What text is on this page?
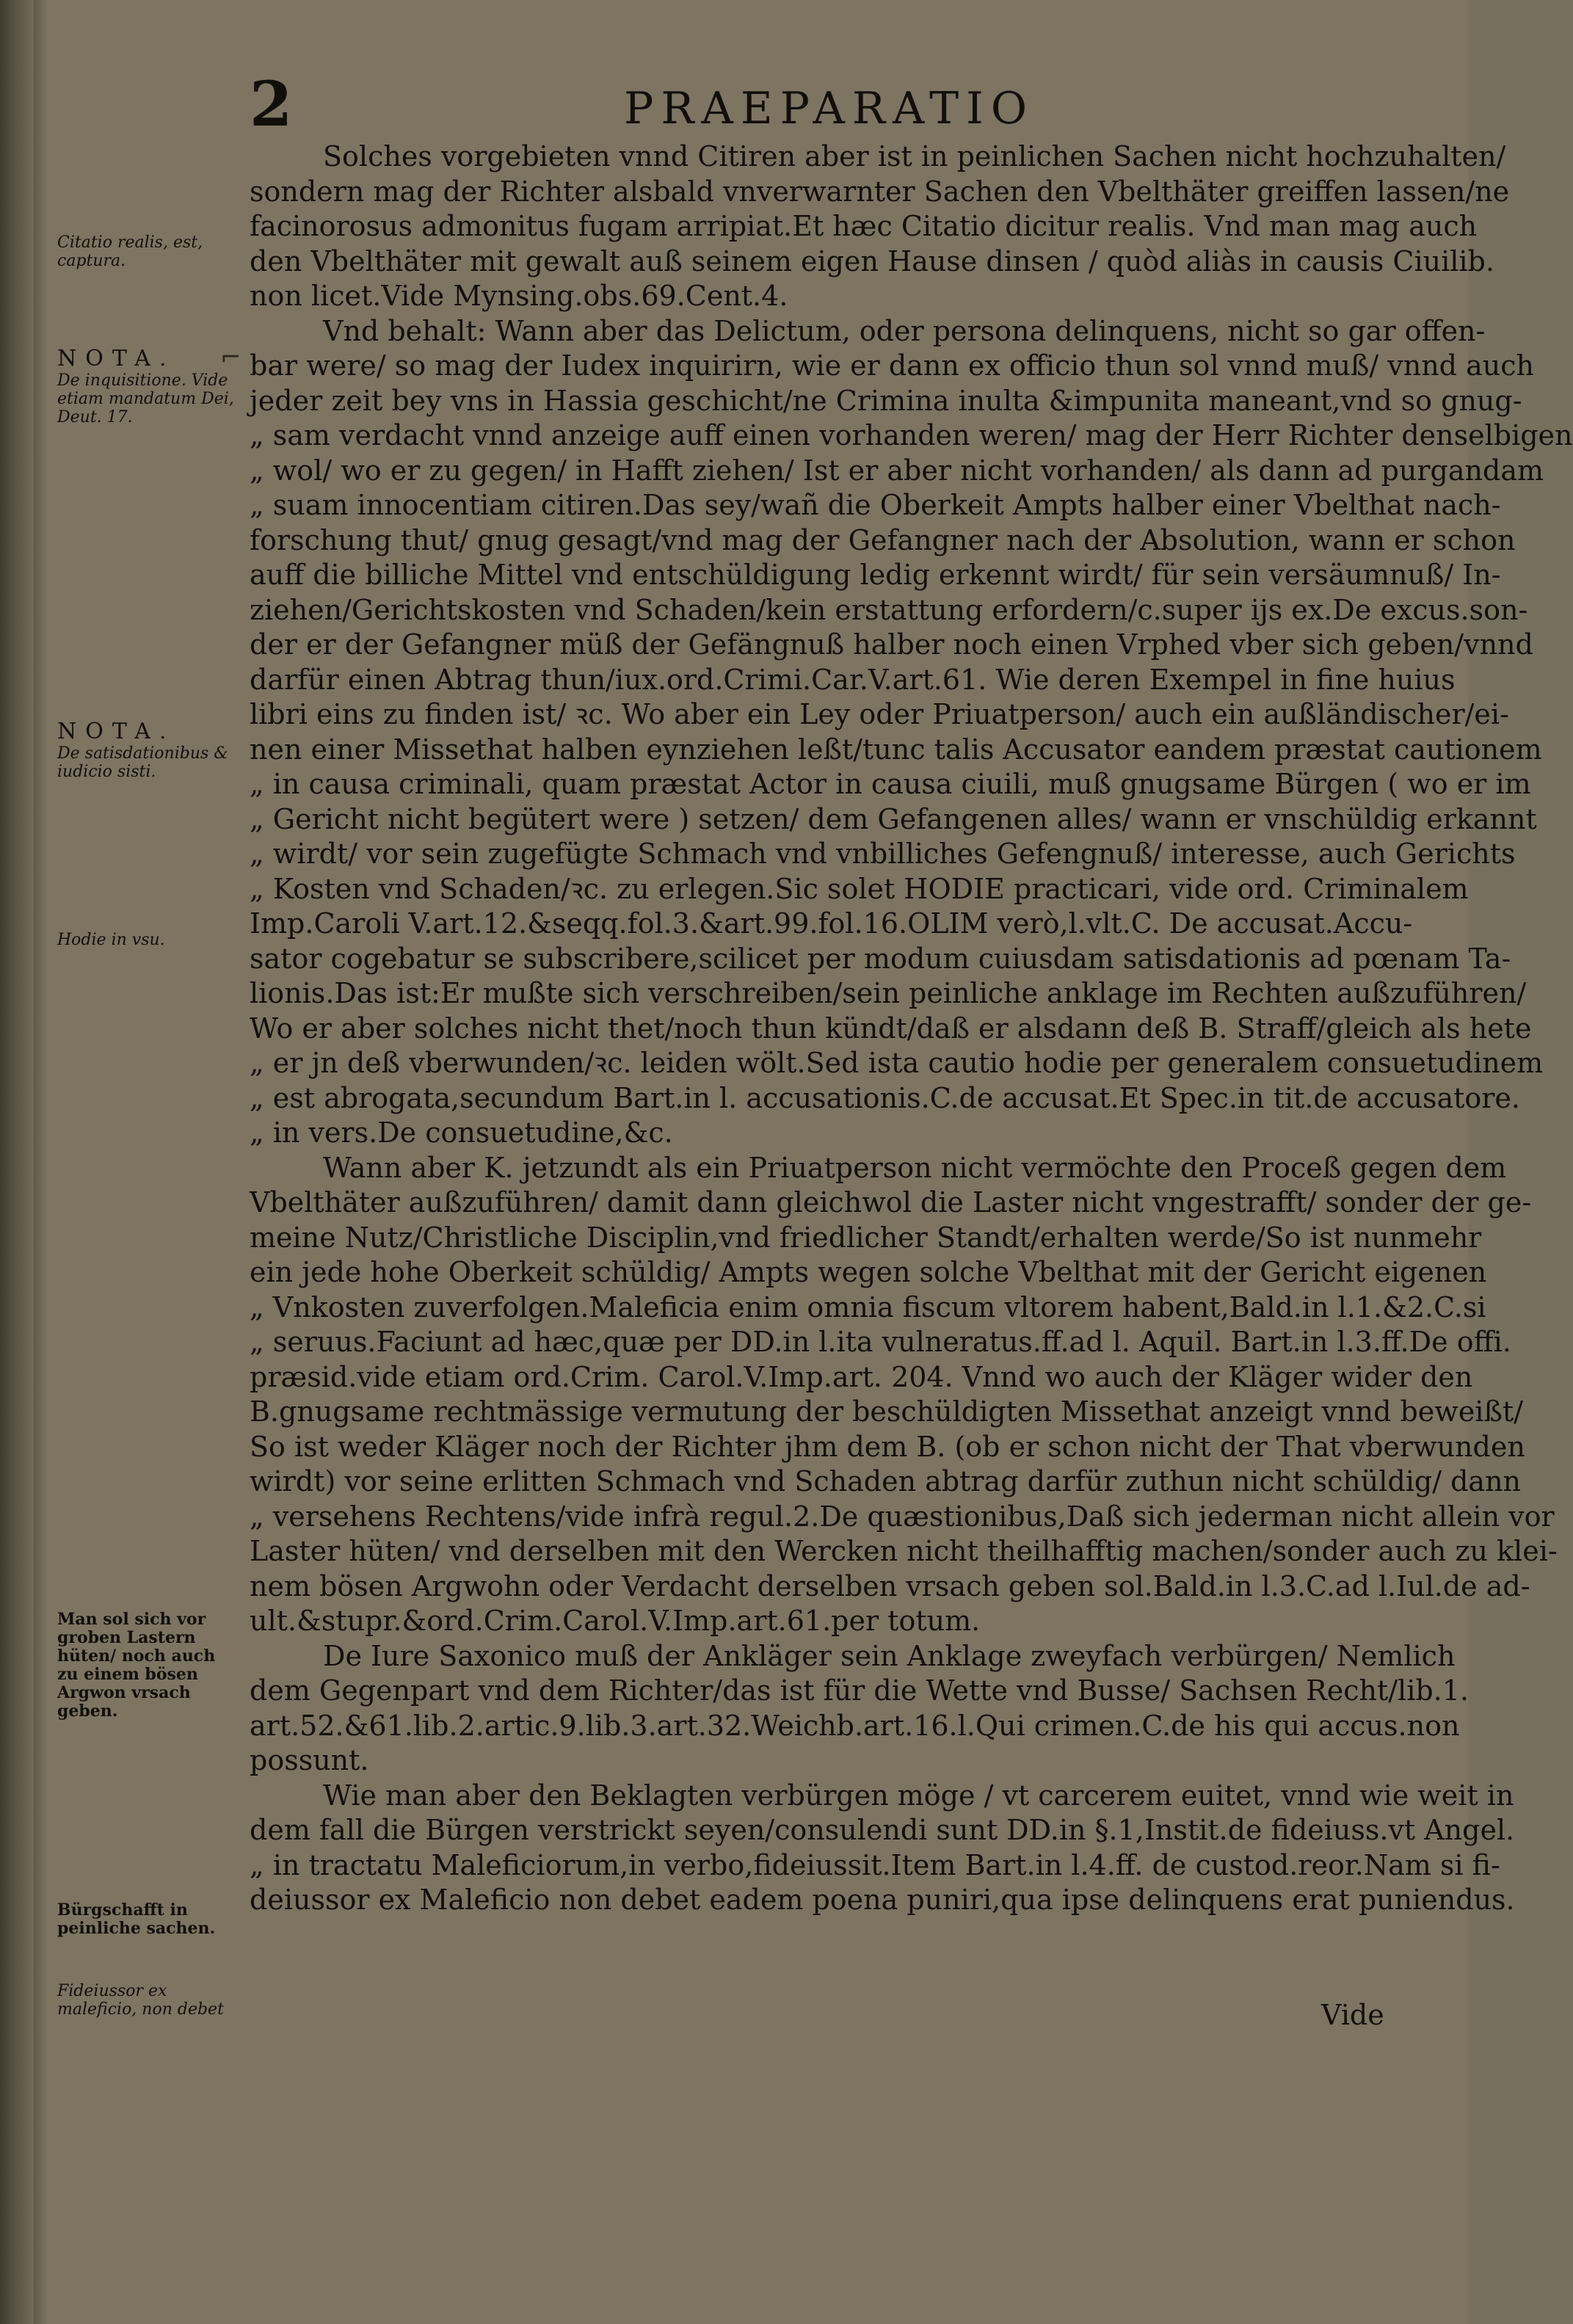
2	PRAEPARATIO
Solches vorgebieten vnnd Citiren aber ist in peinlichen Sachen nicht hochzuhalten/
sondern mag der Richter alsbald vnverwarnter Sachen den Vbelthäter greiffen lassen/ne
facinorosus admonitus fugam arripiat.Et hæc Citatio dicitur realis. Vnd man mag auch
den Vbelthäter mit gewalt auß seinem eigen Hause dinsen / quòd aliàs in causis Ciuilib.
non licet.Vide Mynsing.obs.69.Cent.4.
Vnd behalt: Wann aber das Delictum, oder persona delinquens, nicht so gar offen-
bar were/ so mag der Iudex inquirirn, wie er dann ex officio thun sol vnnd muß/ vnnd auch
jeder zeit bey vns in Hassia geschicht/ne Crimina inulta &impunita maneant,vnd so gnug-
„ sam verdacht vnnd anzeige auff einen vorhanden weren/ mag der Herr Richter denselbigen
„ wol/ wo er zu gegen/ in Hafft ziehen/ Ist er aber nicht vorhanden/ als dann ad purgandam
„ suam innocentiam citiren.Das sey/wañ die Oberkeit Ampts halber einer Vbelthat nach-
forschung thut/ gnug gesagt/vnd mag der Gefangner nach der Absolution, wann er schon
auff die billiche Mittel vnd entschüldigung ledig erkennt wirdt/ für sein versäumnuß/ In-
ziehen/Gerichtskosten vnd Schaden/kein erstattung erfordern/c.super ijs ex.De excus.son-
der er der Gefangner müß der Gefängnuß halber noch einen Vrphed vber sich geben/vnnd
darfür einen Abtrag thun/iux.ord.Crimi.Car.V.art.61. Wie deren Exempel in fine huius
libri eins zu finden ist/ ꝛc. Wo aber ein Ley oder Priuatperson/ auch ein außländischer/ei-
nen einer Missethat halben eynziehen leßt/tunc talis Accusator eandem præstat cautionem
„ in causa criminali, quam præstat Actor in causa ciuili, muß gnugsame Bürgen ( wo er im
„ Gericht nicht begütert were ) setzen/ dem Gefangenen alles/ wann er vnschüldig erkannt
„ wirdt/ vor sein zugefügte Schmach vnd vnbilliches Gefengnuß/ interesse, auch Gerichts
„ Kosten vnd Schaden/ꝛc. zu erlegen.Sic solet HODIE practicari, vide ord. Criminalem
Imp.Caroli V.art.12.&seqq.fol.3.&art.99.fol.16.OLIM verò,l.vlt.C. De accusat.Accu-
sator cogebatur se subscribere,scilicet per modum cuiusdam satisdationis ad pœnam Ta-
lionis.Das ist:Er mußte sich verschreiben/sein peinliche anklage im Rechten außzuführen/
Wo er aber solches nicht thet/noch thun kündt/daß er alsdann deß B. Straff/gleich als hete
„ er jn deß vberwunden/ꝛc. leiden wölt.Sed ista cautio hodie per generalem consuetudinem
„ est abrogata,secundum Bart.in l. accusationis.C.de accusat.Et Spec.in tit.de accusatore.
„ in vers.De consuetudine,&c.
Wann aber K. jetzundt als ein Priuatperson nicht vermöchte den Proceß gegen dem
Vbelthäter außzuführen/ damit dann gleichwol die Laster nicht vngestrafft/ sonder der ge-
meine Nutz/Christliche Disciplin,vnd friedlicher Standt/erhalten werde/So ist nunmehr
ein jede hohe Oberkeit schüldig/ Ampts wegen solche Vbelthat mit der Gericht eigenen
„ Vnkosten zuverfolgen.Maleficia enim omnia fiscum vltorem habent,Bald.in l.1.&2.C.si
„ seruus.Faciunt ad hæc,quæ per DD.in l.ita vulneratus.ff.ad l. Aquil. Bart.in l.3.ff.De offi.
præsid.vide etiam ord.Crim. Carol.V.Imp.art. 204. Vnnd wo auch der Kläger wider den
B.gnugsame rechtmässige vermutung der beschüldigten Missethat anzeigt vnnd beweißt/
So ist weder Kläger noch der Richter jhm dem B. (ob er schon nicht der That vberwunden
wirdt) vor seine erlitten Schmach vnd Schaden abtrag darfür zuthun nicht schüldig/ dann
„ versehens Rechtens/vide infrà regul.2.De quæstionibus,Daß sich jederman nicht allein vor
Laster hüten/ vnd derselben mit den Wercken nicht theilhafftig machen/sonder auch zu klei-
nem bösen Argwohn oder Verdacht derselben vrsach geben sol.Bald.in l.3.C.ad l.Iul.de ad-
ult.&stupr.&ord.Crim.Carol.V.Imp.art.61.per totum.
De Iure Saxonico muß der Ankläger sein Anklage zweyfach verbürgen/ Nemlich
dem Gegenpart vnd dem Richter/das ist für die Wette vnd Busse/ Sachsen Recht/lib.1.
art.52.&61.lib.2.artic.9.lib.3.art.32.Weichb.art.16.l.Qui crimen.C.de his qui accus.non
possunt.
Wie man aber den Beklagten verbürgen möge / vt carcerem euitet, vnnd wie weit in
dem fall die Bürgen verstrickt seyen/consulendi sunt DD.in §.1,Instit.de fideiuss.vt Angel.
„ in tractatu Maleficiorum,in verbo,fideiussit.Item Bart.in l.4.ff. de custod.reor.Nam si fi-
deiussor ex Maleficio non debet eadem poena puniri,qua ipse delinquens erat puniendus.
Vide
Citatio realis, est, captura.
NOTA.
De inquisitione. Vide etiam mandatum Dei, Deut. 17.
NOTA.
De satisdationibus & iudicio sisti.
Hodie in vsu.
Man sol sich vor groben Lastern hüten/ noch auch zu einem bösen Argwon vrsach geben.
Bürgschafft in peinliche sachen.
Fideiussor ex maleficio, non debet
⌐
